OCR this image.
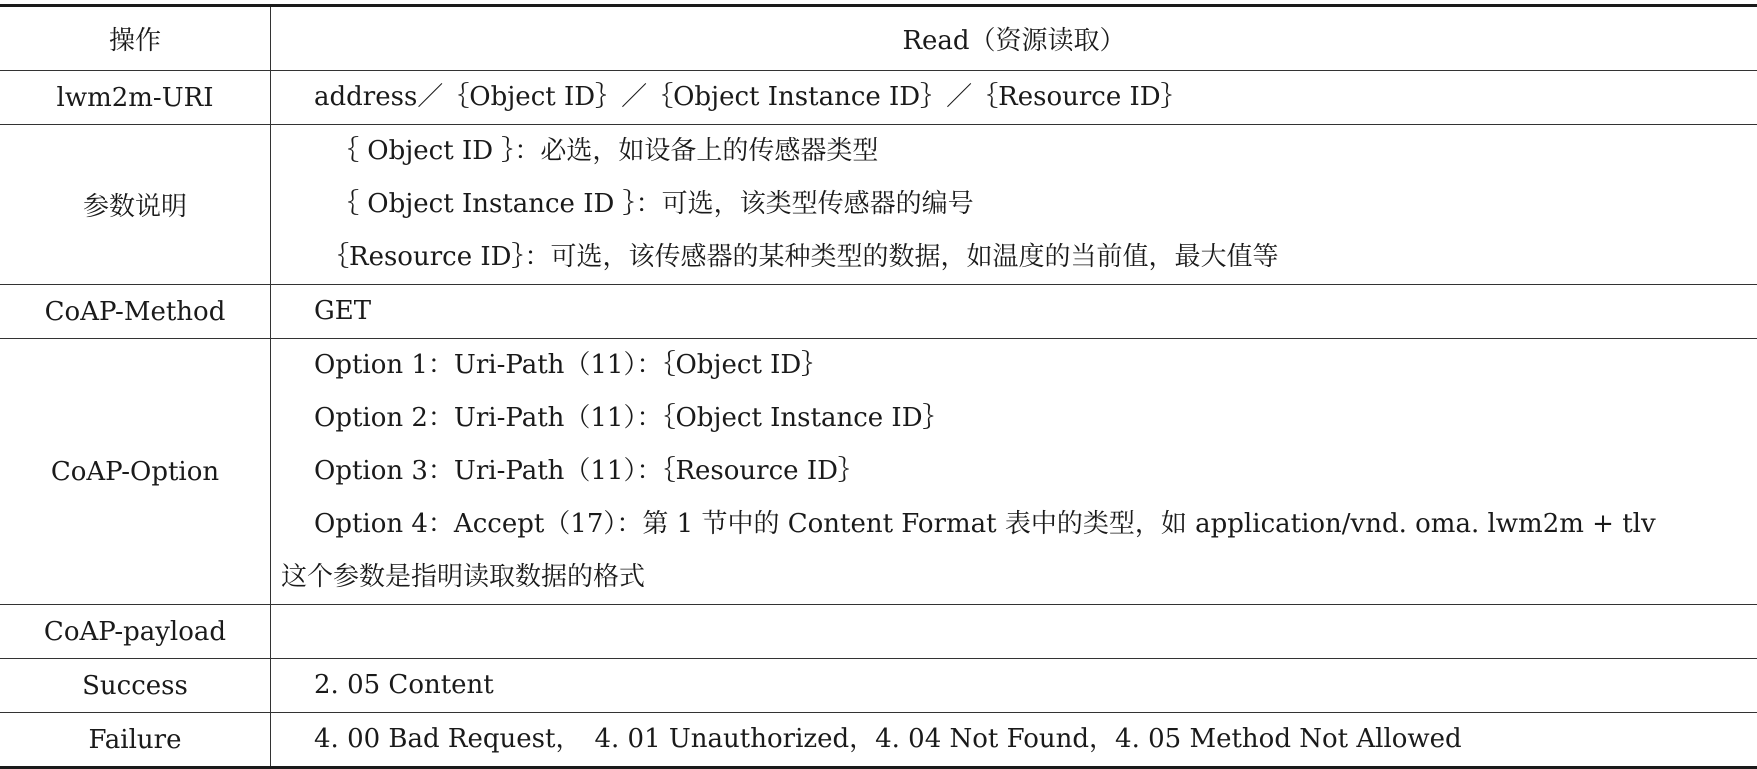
操作	Read（资源读取）
lwm2m-URI	address／｛Object ID｝／｛Object Instance ID｝／｛Resource ID｝

参数说明	｛ Object ID ｝：必选，如设备上的传感器类型
｛ Object Instance ID ｝：可选，该类型传感器的编号
｛Resource ID｝：可选，该传感器的某种类型的数据，如温度的当前值，最大值等

CoAP-Method	GET

CoAP-Option	Option 1：Uri-Path（11）：｛Object ID｝
Option 2：Uri-Path（11）：｛Object Instance ID｝
Option 3：Uri-Path（11）：｛Resource ID｝
Option 4：Accept（17）：第 1 节中的 Content Format 表中的类型，如 application/vnd. oma. lwm2m + tlv
这个参数是指明读取数据的格式

CoAP-payload	

Success	2. 05 Content

Failure	4. 00 Bad Request，　4. 01 Unauthorized，4. 04 Not Found，4. 05 Method Not Allowed
